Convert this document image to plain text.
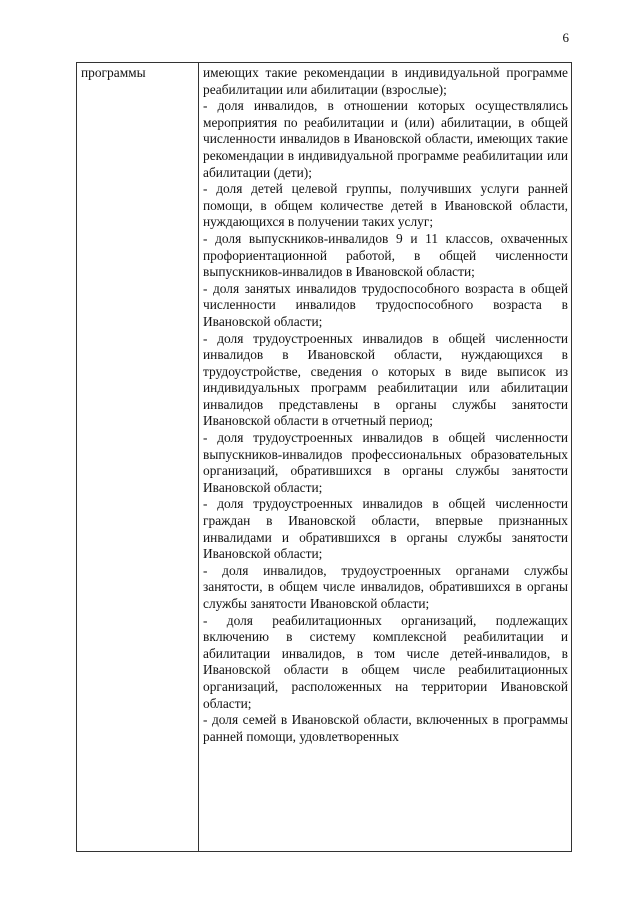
6
программы	имеющих такие рекомендации в индивидуальной программе реабилитации или абилитации (взрослые);

- доля инвалидов, в отношении которых осуществлялись мероприятия по реабилитации и (или) абилитации, в общей численности инвалидов в Ивановской области, имеющих такие рекомендации в индивидуальной программе реабилитации или абилитации (дети);

- доля детей целевой группы, получивших услуги ранней помощи, в общем количестве детей в Ивановской области, нуждающихся в получении таких услуг;

- доля выпускников-инвалидов 9 и 11 классов, охваченных профориентационной работой, в общей численности выпускников-инвалидов в Ивановской области;

- доля занятых инвалидов трудоспособного возраста в общей численности инвалидов трудоспособного возраста в Ивановской области;

- доля трудоустроенных инвалидов в общей численности инвалидов в Ивановской области, нуждающихся в трудоустройстве, сведения о которых в виде выписок из индивидуальных программ реабилитации или абилитации инвалидов представлены в органы службы занятости Ивановской области в отчетный период;

- доля трудоустроенных инвалидов в общей численности выпускников-инвалидов профессиональных образовательных организаций, обратившихся в органы службы занятости Ивановской области;

- доля трудоустроенных инвалидов в общей численности граждан в Ивановской области, впервые признанных инвалидами и обратившихся в органы службы занятости Ивановской области;

- доля инвалидов, трудоустроенных органами службы занятости, в общем числе инвалидов, обратившихся в органы службы занятости Ивановской области;

- доля реабилитационных организаций, подлежащих включению в систему комплексной реабилитации и абилитации инвалидов, в том числе детей-инвалидов, в Ивановской области в общем числе реабилитационных организаций, расположенных на территории Ивановской области;

- доля семей в Ивановской области, включенных в программы ранней помощи, удовлетворенных
